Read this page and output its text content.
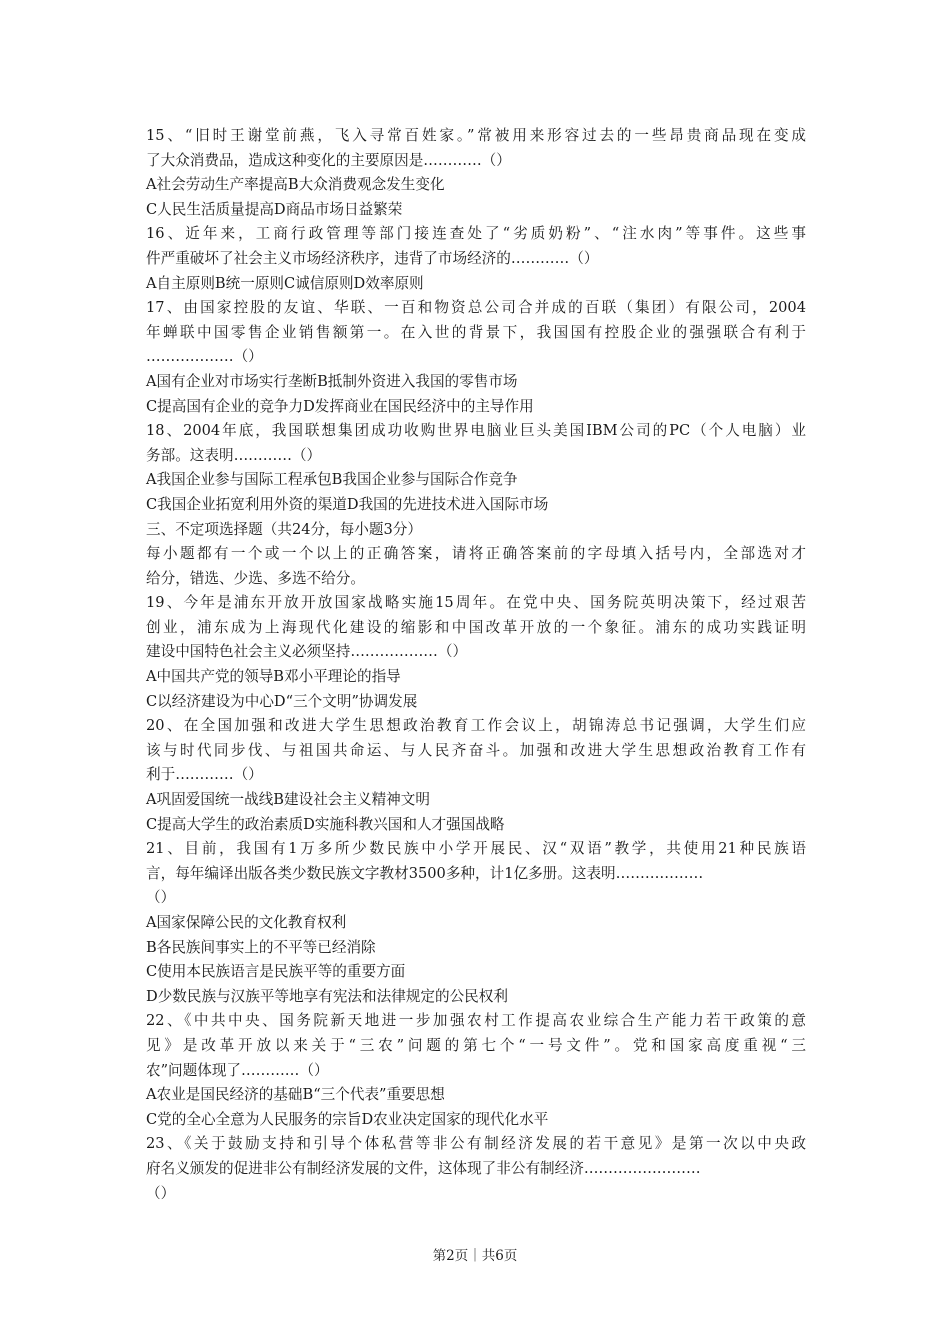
15、“旧时王谢堂前燕，飞入寻常百姓家。”常被用来形容过去的一些昂贵商品现在变成
了大众消费品，造成这种变化的主要原因是…………（）
A社会劳动生产率提高B大众消费观念发生变化
C人民生活质量提高D商品市场日益繁荣
16、近年来，工商行政管理等部门接连查处了“劣质奶粉”、“注水肉”等事件。这些事
件严重破坏了社会主义市场经济秩序，违背了市场经济的…………（）
A自主原则B统一原则C诚信原则D效率原则
17、由国家控股的友谊、华联、一百和物资总公司合并成的百联（集团）有限公司，2004
年蝉联中国零售企业销售额第一。在入世的背景下，我国国有控股企业的强强联合有利于
………………（）
A国有企业对市场实行垄断B抵制外资进入我国的零售市场
C提高国有企业的竞争力D发挥商业在国民经济中的主导作用
18、2004年底，我国联想集团成功收购世界电脑业巨头美国IBM公司的PC（个人电脑）业
务部。这表明…………（）
A我国企业参与国际工程承包B我国企业参与国际合作竞争
C我国企业拓宽利用外资的渠道D我国的先进技术进入国际市场
三、不定项选择题（共24分，每小题3分）
每小题都有一个或一个以上的正确答案，请将正确答案前的字母填入括号内，全部选对才
给分，错选、少选、多选不给分。
19、今年是浦东开放开放国家战略实施15周年。在党中央、国务院英明决策下，经过艰苦
创业，浦东成为上海现代化建设的缩影和中国改革开放的一个象征。浦东的成功实践证明
建设中国特色社会主义必须坚持………………（）
A中国共产党的领导B邓小平理论的指导
C以经济建设为中心D“三个文明”协调发展
20、在全国加强和改进大学生思想政治教育工作会议上，胡锦涛总书记强调，大学生们应
该与时代同步伐、与祖国共命运、与人民齐奋斗。加强和改进大学生思想政治教育工作有
利于…………（）
A巩固爱国统一战线B建设社会主义精神文明
C提高大学生的政治素质D实施科教兴国和人才强国战略
21、目前，我国有1万多所少数民族中小学开展民、汉“双语”教学，共使用21种民族语
言，每年编译出版各类少数民族文字教材3500多种，计1亿多册。这表明………………
（）
A国家保障公民的文化教育权利
B各民族间事实上的不平等已经消除
C使用本民族语言是民族平等的重要方面
D少数民族与汉族平等地享有宪法和法律规定的公民权利
22、《中共中央、国务院新天地进一步加强农村工作提高农业综合生产能力若干政策的意
见》是改革开放以来关于“三农”问题的第七个“一号文件”。党和国家高度重视“三
农”问题体现了…………（）
A农业是国民经济的基础B“三个代表”重要思想
C党的全心全意为人民服务的宗旨D农业决定国家的现代化水平
23、《关于鼓励支持和引导个体私营等非公有制经济发展的若干意见》是第一次以中央政
府名义颁发的促进非公有制经济发展的文件，这体现了非公有制经济……………………
（）
第2页｜共6页
